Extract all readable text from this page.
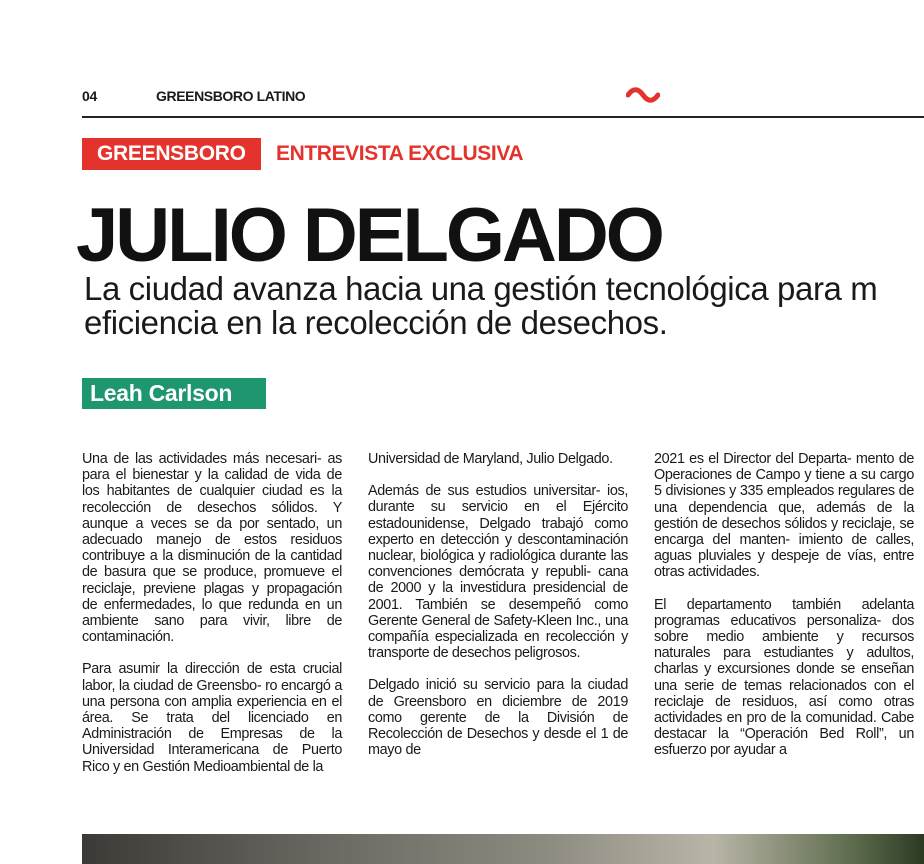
04	GREENSBORO LATINO
GREENSBORO	ENTREVISTA EXCLUSIVA
JULIO DELGADO
La ciudad avanza hacia una gestión tecnológica para m
eficiencia en la recolección de desechos.
Leah Carlson

Una de las actividades más necesari- as para el bienestar y la calidad de vida de los habitantes de cualquier ciudad es la recolección de desechos sólidos. Y aunque a veces se da por sentado, un adecuado manejo de estos residuos contribuye a la disminución de la cantidad de basura que se produce, promueve el reciclaje, previene plagas y propagación de enfermedades, lo que redunda en un ambiente sano para vivir, libre de contaminación.

Para asumir la dirección de esta crucial labor, la ciudad de Greensbo- ro encargó a una persona con amplia experiencia en el área. Se trata del licenciado en Administración de Empresas de la Universidad Interamericana de Puerto Rico y en Gestión Medioambiental de la

Universidad de Maryland, Julio Delgado.

Además de sus estudios universitar- ios, durante su servicio en el Ejército estadounidense, Delgado trabajó como experto en detección y descontaminación nuclear, biológica y radiológica durante las convenciones demócrata y republi- cana de 2000 y la investidura presidencial de 2001. También se desempeñó como Gerente General de Safety-Kleen Inc., una compañía especializada en recolección y transporte de desechos peligrosos.

Delgado inició su servicio para la ciudad de Greensboro en diciembre de 2019 como gerente de la División de Recolección de Desechos y desde el 1 de mayo de

2021 es el Director del Departa- mento de Operaciones de Campo y tiene a su cargo 5 divisiones y 335 empleados regulares de una dependencia que, además de la gestión de desechos sólidos y reciclaje, se encarga del manten- imiento de calles, aguas pluviales y despeje de vías, entre otras actividades.

El departamento también adelanta programas educativos personaliza- dos sobre medio ambiente y recursos naturales para estudiantes y adultos, charlas y excursiones donde se enseñan una serie de temas relacionados con el reciclaje de residuos, así como otras actividades en pro de la comunidad. Cabe destacar la “Operación Bed Roll”, un esfuerzo por ayudar a
